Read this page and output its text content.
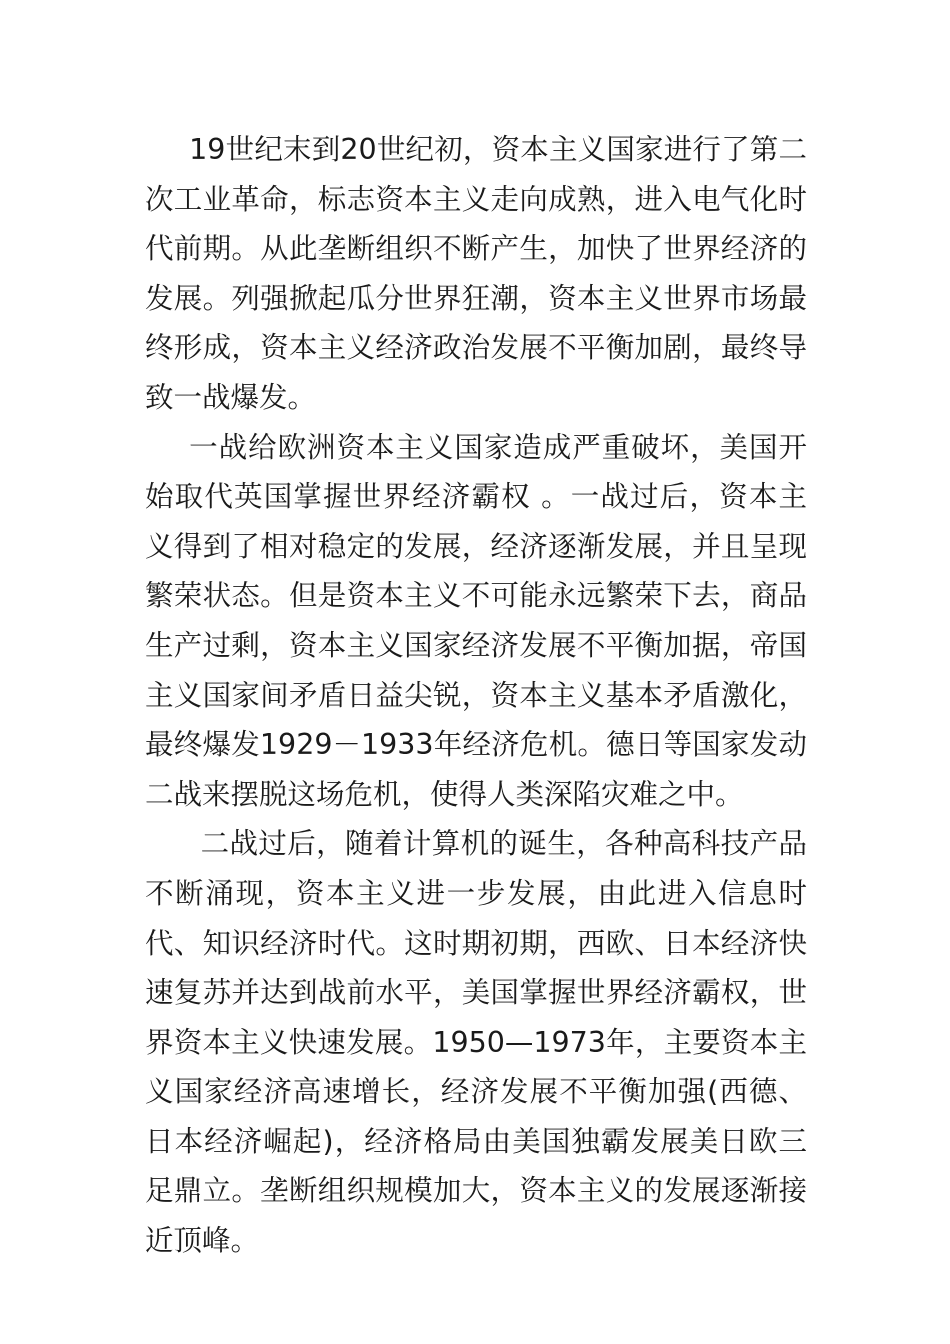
19世纪末到20世纪初，资本主义国家进行了第二次工业革命，标志资本主义走向成熟，进入电气化时代前期。从此垄断组织不断产生，加快了世界经济的发展。列强掀起瓜分世界狂潮，资本主义世界市场最终形成，资本主义经济政治发展不平衡加剧，最终导致一战爆发。

一战给欧洲资本主义国家造成严重破坏，美国开始取代英国掌握世界经济霸权 。一战过后，资本主义得到了相对稳定的发展，经济逐渐发展，并且呈现繁荣状态。但是资本主义不可能永远繁荣下去，商品生产过剩，资本主义国家经济发展不平衡加据，帝国主义国家间矛盾日益尖锐，资本主义基本矛盾激化，最终爆发1929－1933年经济危机。德日等国家发动二战来摆脱这场危机，使得人类深陷灾难之中。

二战过后，随着计算机的诞生，各种高科技产品不断涌现，资本主义进一步发展，由此进入信息时代、知识经济时代。这时期初期，西欧、日本经济快速复苏并达到战前水平，美国掌握世界经济霸权，世界资本主义快速发展。1950—1973年，主要资本主义国家经济高速增长，经济发展不平衡加强(西德、日本经济崛起)，经济格局由美国独霸发展美日欧三足鼎立。垄断组织规模加大，资本主义的发展逐渐接近顶峰。
